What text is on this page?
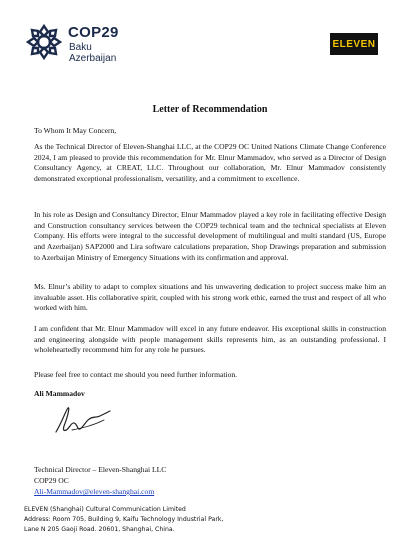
COP29
Baku
Azerbaijan
ELEVEN
Letter of Recommendation

To Whom It May Concern,

As the Technical Director of Eleven-Shanghai LLC, at the COP29 OC United Nations Climate Change Conference 2024, I am pleased to provide this recommendation for Mr. Elnur Mammadov, who served as a Director of Design Consultancy Agency, at CREAT, LLC. Throughout our collaboration, Mr. Elnur Mammadov consistently demonstrated exceptional professionalism, versatility, and a commitment to excellence.

In his role as Design and Consultancy Director, Elnur Mammadov played a key role in facilitating effective Design and Construction consultancy services between the COP29 technical team and the technical specialists at Eleven Company. His efforts were integral to the successful development of multilingual and multi standard (US, Europe and Azerbaijan) SAP2000 and Lira software calculations preparation, Shop Drawings preparation and submission to Azerbaijan Ministry of Emergency Situations with its confirmation and approval.

Ms. Elnur’s ability to adapt to complex situations and his unwavering dedication to project success make him an invaluable asset. His collaborative spirit, coupled with his strong work ethic, earned the trust and respect of all who worked with him.

I am confident that Mr. Elnur Mammadov will excel in any future endeavor. His exceptional skills in construction and engineering alongside with people management skills represents him, as an outstanding professional. I wholeheartedly recommend him for any role he pursues.

Please feel free to contact me should you need further information.

Ali Mammadov
Technical Director – Eleven-Shanghai LLC
COP29 OC
Ali-Mammadov@eleven-shanghai.com
ELEVEN (Shanghai) Cultural Communication Limited
Address: Room 705, Building 9, Kaifu Technology Industrial Park,
Lane N 205 Gaoji Road. 20601, Shanghai, China.
